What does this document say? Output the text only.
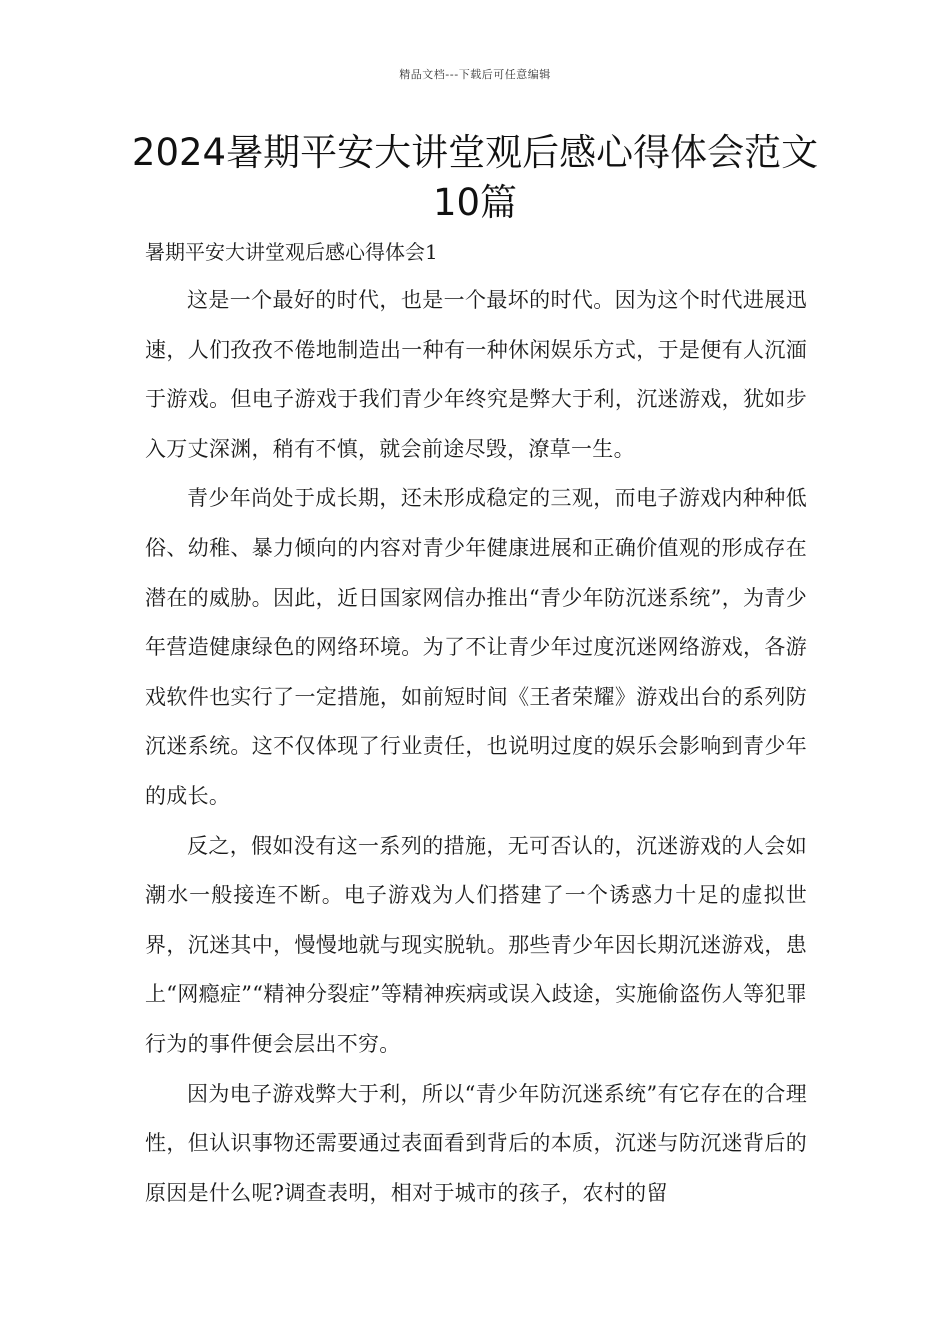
精品文档---下载后可任意编辑
2024暑期平安大讲堂观后感心得体会范文10篇
暑期平安大讲堂观后感心得体会1

这是一个最好的时代，也是一个最坏的时代。因为这个时代进展迅速，人们孜孜不倦地制造出一种有一种休闲娱乐方式，于是便有人沉湎于游戏。但电子游戏于我们青少年终究是弊大于利，沉迷游戏，犹如步入万丈深渊，稍有不慎，就会前途尽毁，潦草一生。

青少年尚处于成长期，还未形成稳定的三观，而电子游戏内种种低俗、幼稚、暴力倾向的内容对青少年健康进展和正确价值观的形成存在潜在的威胁。因此，近日国家网信办推出“青少年防沉迷系统”，为青少年营造健康绿色的网络环境。为了不让青少年过度沉迷网络游戏，各游戏软件也实行了一定措施，如前短时间《王者荣耀》游戏出台的系列防沉迷系统。这不仅体现了行业责任，也说明过度的娱乐会影响到青少年的成长。

反之，假如没有这一系列的措施，无可否认的，沉迷游戏的人会如潮水一般接连不断。电子游戏为人们搭建了一个诱惑力十足的虚拟世界，沉迷其中，慢慢地就与现实脱轨。那些青少年因长期沉迷游戏，患上“网瘾症”“精神分裂症”等精神疾病或误入歧途，实施偷盗伤人等犯罪行为的事件便会层出不穷。

因为电子游戏弊大于利，所以“青少年防沉迷系统”有它存在的合理性，但认识事物还需要通过表面看到背后的本质，沉迷与防沉迷背后的原因是什么呢?调查表明，相对于城市的孩子，农村的留
